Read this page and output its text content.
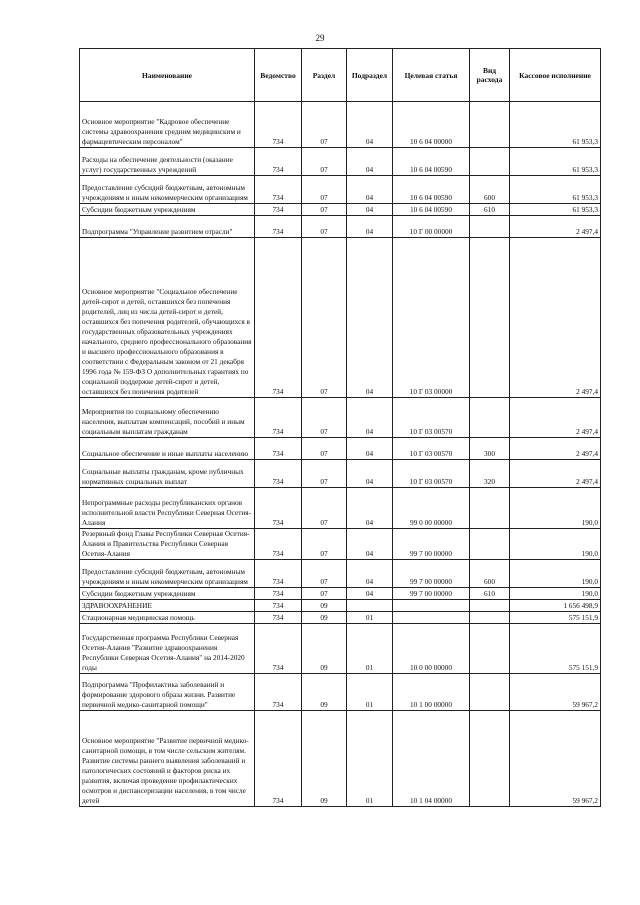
29
Наименование	Ведомство	Раздел	Подраздел	Целевая статья	Вид расхода	Кассовое исполнение
Основное мероприятие "Кадровое обеспечение системы здравоохранения средним медицинским и фармацевтическим персоналом"	734	07	04	10 6 04 00000		61 953,3
Расходы на обеспечение деятельности (оказание услуг) государственных учреждений	734	07	04	10 6 04 00590		61 953,3
Предоставление субсидий бюджетным, автономным учреждениям и иным некоммерческим организациям	734	07	04	10 6 04 00590	600	61 953,3
Субсидии бюджетным учреждениям	734	07	04	10 6 04 00590	610	61 953,3
Подпрограмма "Управление развитием отрасли"	734	07	04	10 Г 00 00000		2 497,4
Основное мероприятие "Социальное обеспечение детей-сирот и детей, оставшихся без попечения родителей, лиц из числа детей-сирот и детей, оставшихся без попечения родителей, обучающихся в государственных образовательных учреждениях начального, среднего профессионального образования и высшего профессионального образования в соответствии с Федеральным законом от 21 декабря 1996 года № 159-ФЗ О дополнительных гарантиях по социальной поддержке детей-сирот и детей, оставшихся без попечения родителей	734	07	04	10 Г 03 00000		2 497,4
Мероприятия по социальному обеспечению населения, выплатам компенсаций, пособий и иным социальным выплатам гражданам	734	07	04	10 Г 03 00570		2 497,4
Социальное обеспечение и иные выплаты населению	734	07	04	10 Г 03 00570	300	2 497,4
Социальные выплаты гражданам, кроме публичных нормативных социальных выплат	734	07	04	10 Г 03 00570	320	2 497,4
Непрограммные расходы республиканских органов исполнительной власти Республики Северная Осетия-Алания	734	07	04	99 0 00 00000		190,0
Резервный фонд Главы Республики Северная Осетия-Алания и Правительства Республики Северная Осетия-Алания	734	07	04	99 7 00 00000		190,0
Предоставление субсидий бюджетным, автономным учреждениям и иным некоммерческим организациям	734	07	04	99 7 00 00000	600	190,0
Субсидии бюджетным учреждениям	734	07	04	99 7 00 00000	610	190,0
ЗДРАВООХРАНЕНИЕ	734	09				1 656 498,9
Стационарная медицинская помощь	734	09	01			575 151,9
Государственная программа Республики Северная Осетия-Алания "Развитие здравоохранения Республики Северная Осетия-Алания" на 2014-2020 годы	734	09	01	10 0 00 00000		575 151,9
Подпрограмма "Профилактика заболеваний и формирование здорового образа жизни. Развитие первичной медико-санитарной помощи"	734	09	01	10 1 00 00000		59 967,2
Основное мероприятие "Развитие первичной медико-санитарной помощи, в том числе сельским жителям. Развитие системы раннего выявления заболеваний и патологических состояний и факторов риска их развития, включая проведение профилактических осмотров и диспансеризации населения, в том числе детей	734	09	01	10 1 04 00000		59 967,2
